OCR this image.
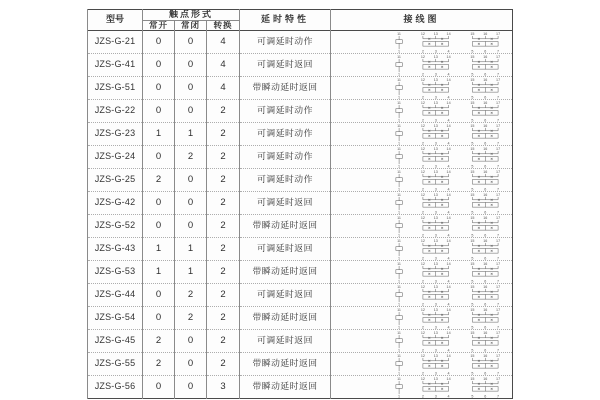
型号	触点形式			延时特性	接线图
	常开	常闭	转换		
JZS-G-21	0	0	4	可调延时动作	
11
1
12 13 14
2	3	4
15 16 17
5	6	7

JZS-G-41	0	0	4	可调延时返回	
11
1
12 13 14
2	3	4
15 16 17
5	6	7

JZS-G-51	0	0	4	带瞬动延时返回	
11
1
12 13 14
2	3	4
15 16 17
5	6	7

JZS-G-22	0	0	2	可调延时动作	
11
1
12 13 14
2	3	4
15 16 17
5	6	7

JZS-G-23	1	1	2	可调延时动作	
11
1
12 13 14
2	3	4
15 16 17
5	6	7

JZS-G-24	0	2	2	可调延时动作	
11
1
12 13 14
2	3	4
15 16 17
5	6	7

JZS-G-25	2	0	2	可调延时动作	
11
1
12 13 14
2	3	4
15 16 17
5	6	7

JZS-G-42	0	0	2	可调延时返回	
11
1
12 13 14
2	3	4
15 16 17
5	6	7

JZS-G-52	0	0	2	带瞬动延时返回	
11
1
12 13 14
2	3	4
15 16 17
5	6	7

JZS-G-43	1	1	2	可调延时返回	
11
1
12 13 14
2	3	4
15 16 17
5	6	7

JZS-G-53	1	1	2	带瞬动延时返回	
11
1
12 13 14
2	3	4
15 16 17
5	6	7

JZS-G-44	0	2	2	可调延时返回	
11
1
12 13 14
2	3	4
15 16 17
5	6	7

JZS-G-54	0	2	2	带瞬动延时返回	
11
1
12 13 14
2	3	4
15 16 17
5	6	7

JZS-G-45	2	0	2	可调延时返回	
11
1
12 13 14
2	3	4
15 16 17
5	6	7

JZS-G-55	2	0	2	带瞬动延时返回	
11
1
12 13 14
2	3	4
15 16 17
5	6	7

JZS-G-56	0	0	3	带瞬动延时返回	
11
1
12 13 14
2	3	4
15 16 17
5	6	7
